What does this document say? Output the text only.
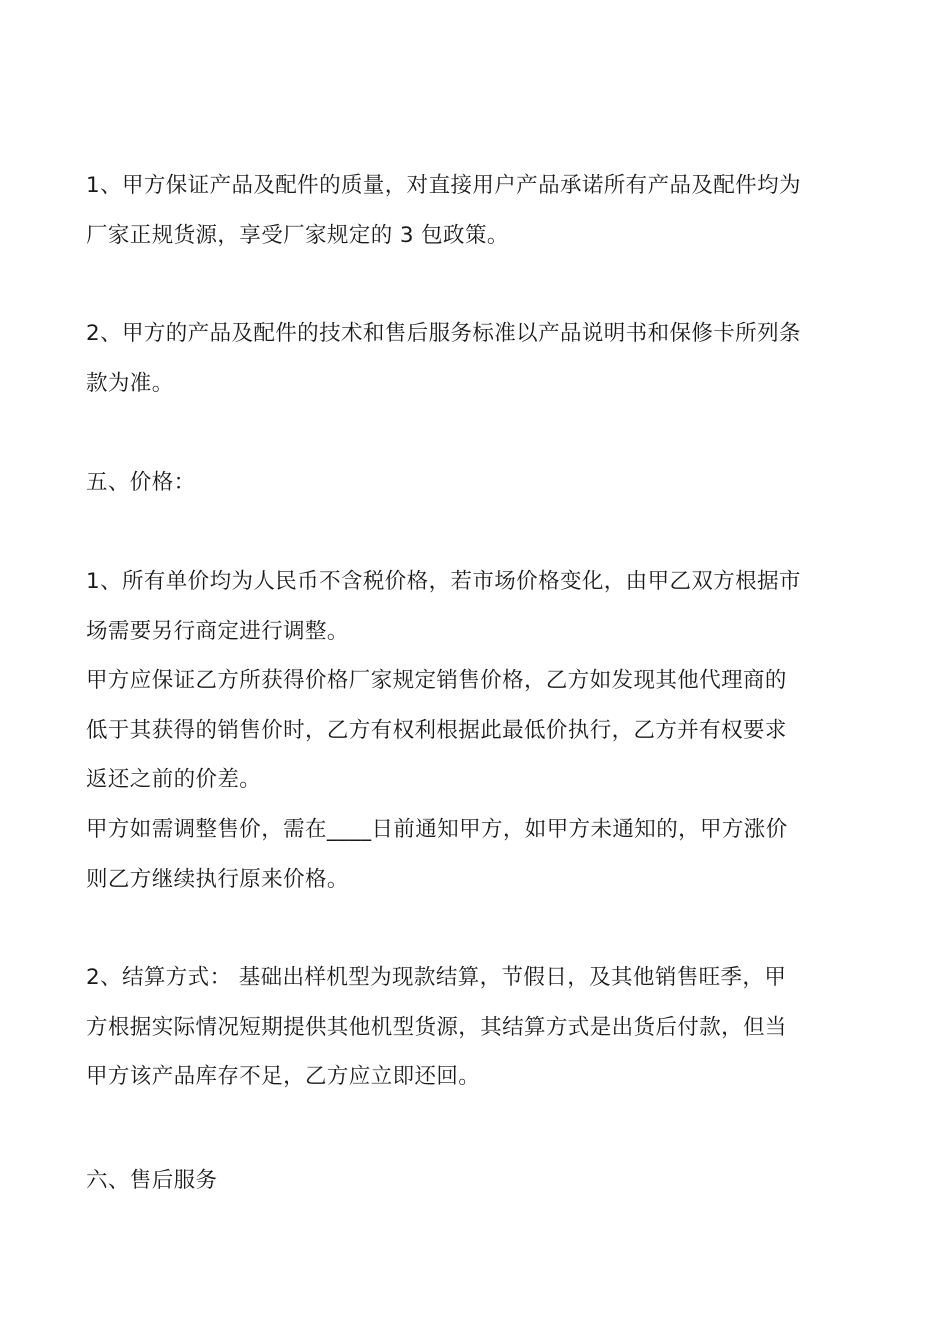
1、甲方保证产品及配件的质量，对直接用户产品承诺所有产品及配件均为
厂家正规货源，享受厂家规定的 3 包政策。
2、甲方的产品及配件的技术和售后服务标准以产品说明书和保修卡所列条
款为准。
五、价格：
1、所有单价均为人民币不含税价格，若市场价格变化，由甲乙双方根据市
场需要另行商定进行调整。
甲方应保证乙方所获得价格厂家规定销售价格，乙方如发现其他代理商的
低于其获得的销售价时，乙方有权利根据此最低价执行，乙方并有权要求
返还之前的价差。
甲方如需调整售价，需在____日前通知甲方，如甲方未通知的，甲方涨价
则乙方继续执行原来价格。
2、结算方式： 基础出样机型为现款结算，节假日，及其他销售旺季，甲
方根据实际情况短期提供其他机型货源，其结算方式是出货后付款，但当
甲方该产品库存不足，乙方应立即还回。
六、售后服务
